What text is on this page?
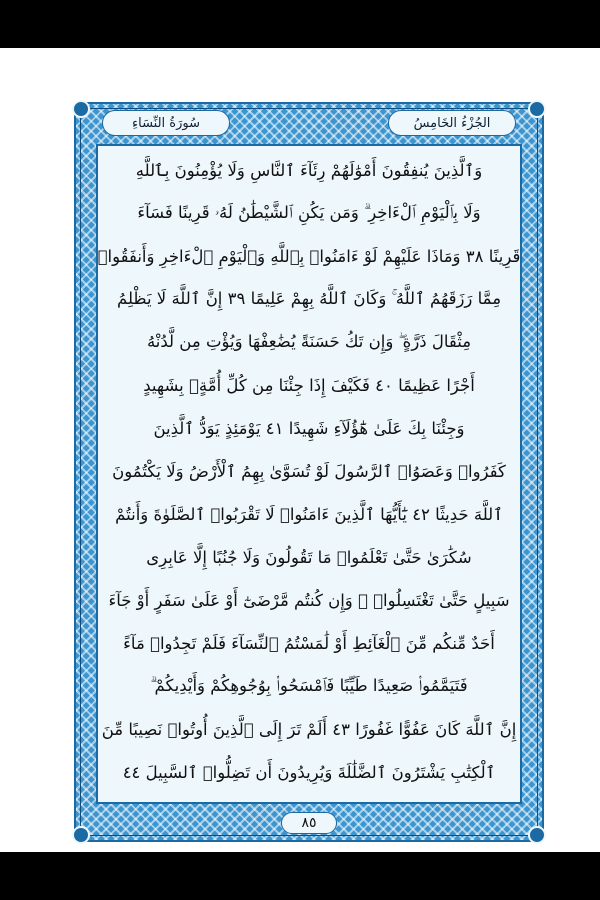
سُورَةُ النِّسَاءِ	الجُزْءُ الخَامِسُ
وَٱلَّذِينَ يُنفِقُونَ أَمْوَٰلَهُمْ رِئَآءَ ٱلنَّاسِ وَلَا يُؤْمِنُونَ بِٱللَّهِ
وَلَا بِٱلْيَوْمِ ٱلْءَاخِرِ ۗ وَمَن يَكُنِ ٱلشَّيْطَٰنُ لَهُۥ قَرِينًا فَسَآءَ
قَرِينًا ٣٨ وَمَاذَا عَلَيْهِمْ لَوْ ءَامَنُوا۟ بِٱللَّهِ وَٱلْيَوْمِ ٱلْءَاخِرِ وَأَنفَقُوا۟
مِمَّا رَزَقَهُمُ ٱللَّهُ ۚ وَكَانَ ٱللَّهُ بِهِمْ عَلِيمًا ٣٩ إِنَّ ٱللَّهَ لَا يَظْلِمُ
مِثْقَالَ ذَرَّةٍ ۖ وَإِن تَكُ حَسَنَةً يُضَٰعِفْهَا وَيُؤْتِ مِن لَّدُنْهُ
أَجْرًا عَظِيمًا ٤٠ فَكَيْفَ إِذَا جِئْنَا مِن كُلِّ أُمَّةٍۭ بِشَهِيدٍ
وَجِئْنَا بِكَ عَلَىٰ هَٰٓؤُلَآءِ شَهِيدًا ٤١ يَوْمَئِذٍ يَوَدُّ ٱلَّذِينَ
كَفَرُوا۟ وَعَصَوُا۟ ٱلرَّسُولَ لَوْ تُسَوَّىٰ بِهِمُ ٱلْأَرْضُ وَلَا يَكْتُمُونَ
ٱللَّهَ حَدِيثًا ٤٢ يَٰٓأَيُّهَا ٱلَّذِينَ ءَامَنُوا۟ لَا تَقْرَبُوا۟ ٱلصَّلَوٰةَ وَأَنتُمْ
سُكَٰرَىٰ حَتَّىٰ تَعْلَمُوا۟ مَا تَقُولُونَ وَلَا جُنُبًا إِلَّا عَابِرِى
سَبِيلٍ حَتَّىٰ تَغْتَسِلُوا۟ ۚ وَإِن كُنتُم مَّرْضَىٰٓ أَوْ عَلَىٰ سَفَرٍ أَوْ جَآءَ
أَحَدٌ مِّنكُم مِّنَ ٱلْغَآئِطِ أَوْ لَٰمَسْتُمُ ٱلنِّسَآءَ فَلَمْ تَجِدُوا۟ مَآءً
فَتَيَمَّمُوا۟ صَعِيدًا طَيِّبًا فَٱمْسَحُوا۟ بِوُجُوهِكُمْ وَأَيْدِيكُمْ ۗ
إِنَّ ٱللَّهَ كَانَ عَفُوًّا غَفُورًا ٤٣ أَلَمْ تَرَ إِلَى ٱلَّذِينَ أُوتُوا۟ نَصِيبًا مِّنَ
ٱلْكِتَٰبِ يَشْتَرُونَ ٱلضَّلَٰلَةَ وَيُرِيدُونَ أَن تَضِلُّوا۟ ٱلسَّبِيلَ ٤٤
٨٥
